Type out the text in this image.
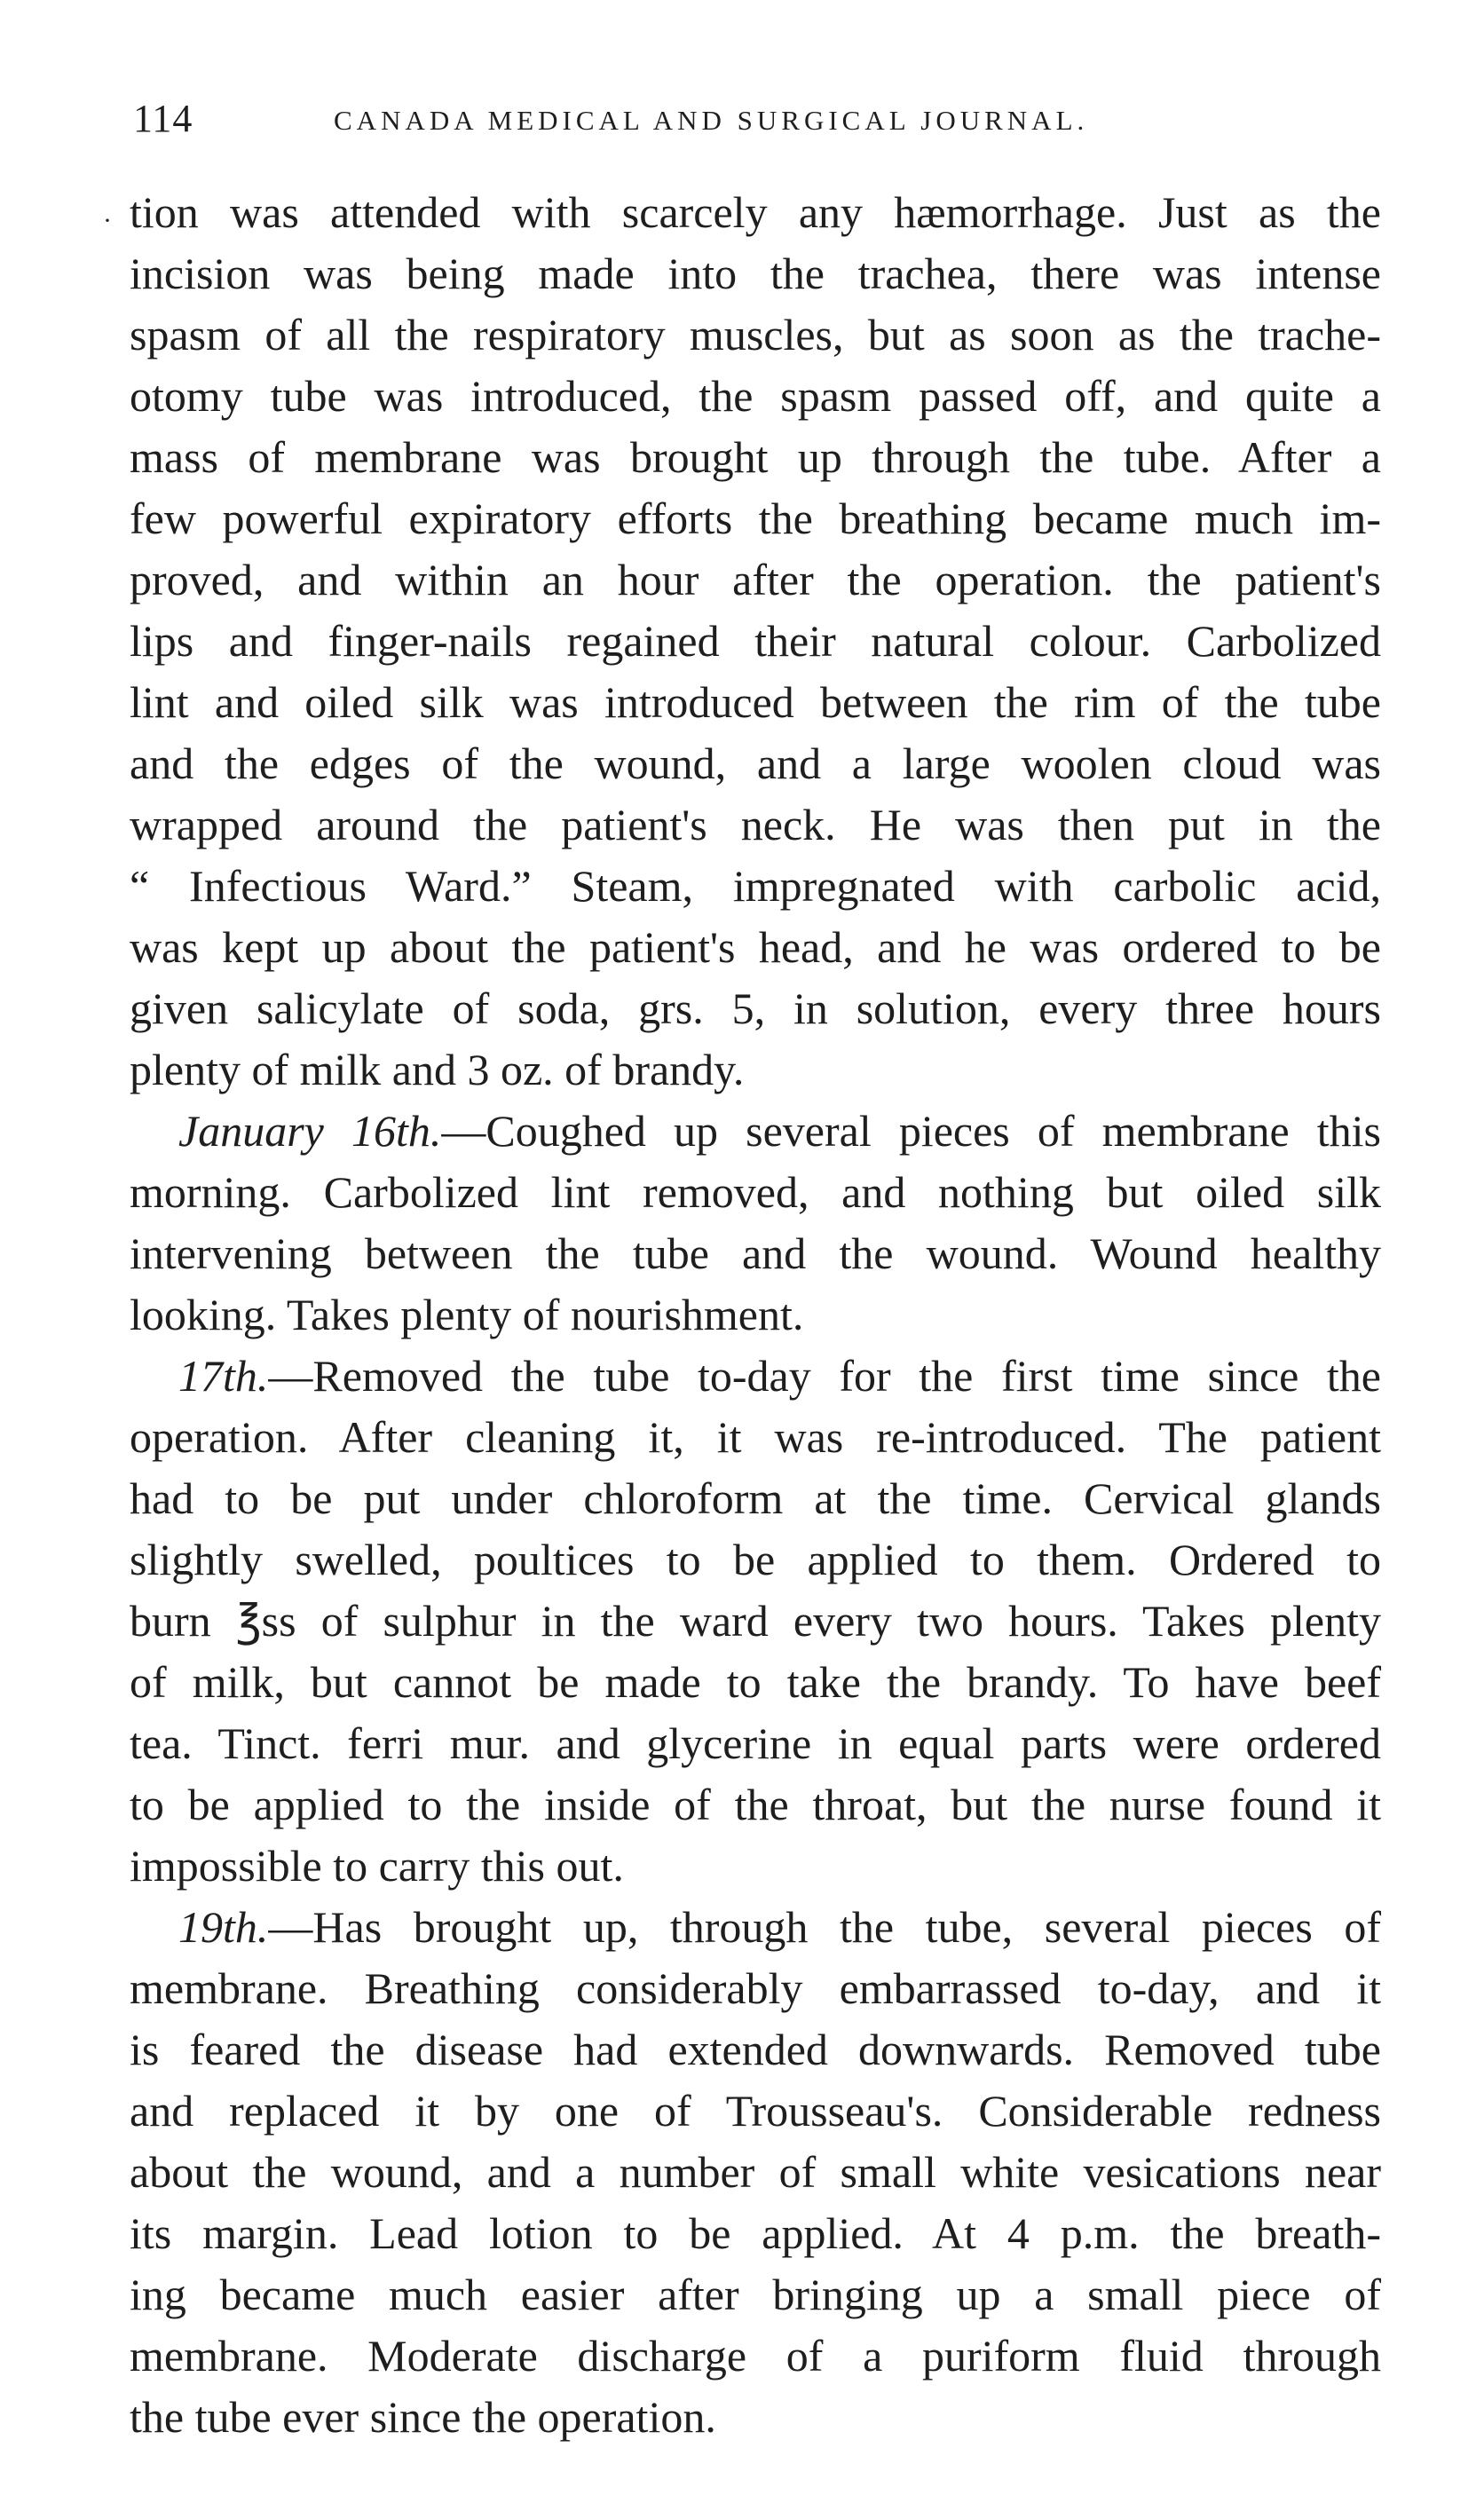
114	CANADA MEDICAL AND SURGICAL JOURNAL.
· tion was attended with scarcely any hæmorrhage. Just as the
incision was being made into the trachea, there was intense
spasm of all the respiratory muscles, but as soon as the trache-
otomy tube was introduced, the spasm passed off, and quite a
mass of membrane was brought up through the tube. After a
few powerful expiratory efforts the breathing became much im-
proved, and within an hour after the operation. the patient's
lips and finger-nails regained their natural colour. Carbolized
lint and oiled silk was introduced between the rim of the tube
and the edges of the wound, and a large woolen cloud was
wrapped around the patient's neck. He was then put in the
“ Infectious Ward.” Steam, impregnated with carbolic acid,
was kept up about the patient's head, and he was ordered to be
given salicylate of soda, grs. 5, in solution, every three hours
plenty of milk and 3 oz. of brandy.
January 16th.—Coughed up several pieces of membrane this
morning. Carbolized lint removed, and nothing but oiled silk
intervening between the tube and the wound. Wound healthy
looking. Takes plenty of nourishment.
17th.—Removed the tube to-day for the first time since the
operation. After cleaning it, it was re-introduced. The patient
had to be put under chloroform at the time. Cervical glands
slightly swelled, poultices to be applied to them. Ordered to
burn ℥ss of sulphur in the ward every two hours. Takes plenty
of milk, but cannot be made to take the brandy. To have beef
tea. Tinct. ferri mur. and glycerine in equal parts were ordered
to be applied to the inside of the throat, but the nurse found it
impossible to carry this out.
19th.—Has brought up, through the tube, several pieces of
membrane. Breathing considerably embarrassed to-day, and it
is feared the disease had extended downwards. Removed tube
and replaced it by one of Trousseau's. Considerable redness
about the wound, and a number of small white vesications near
its margin. Lead lotion to be applied. At 4 p.m. the breath-
ing became much easier after bringing up a small piece of
membrane. Moderate discharge of a puriform fluid through
the tube ever since the operation.
